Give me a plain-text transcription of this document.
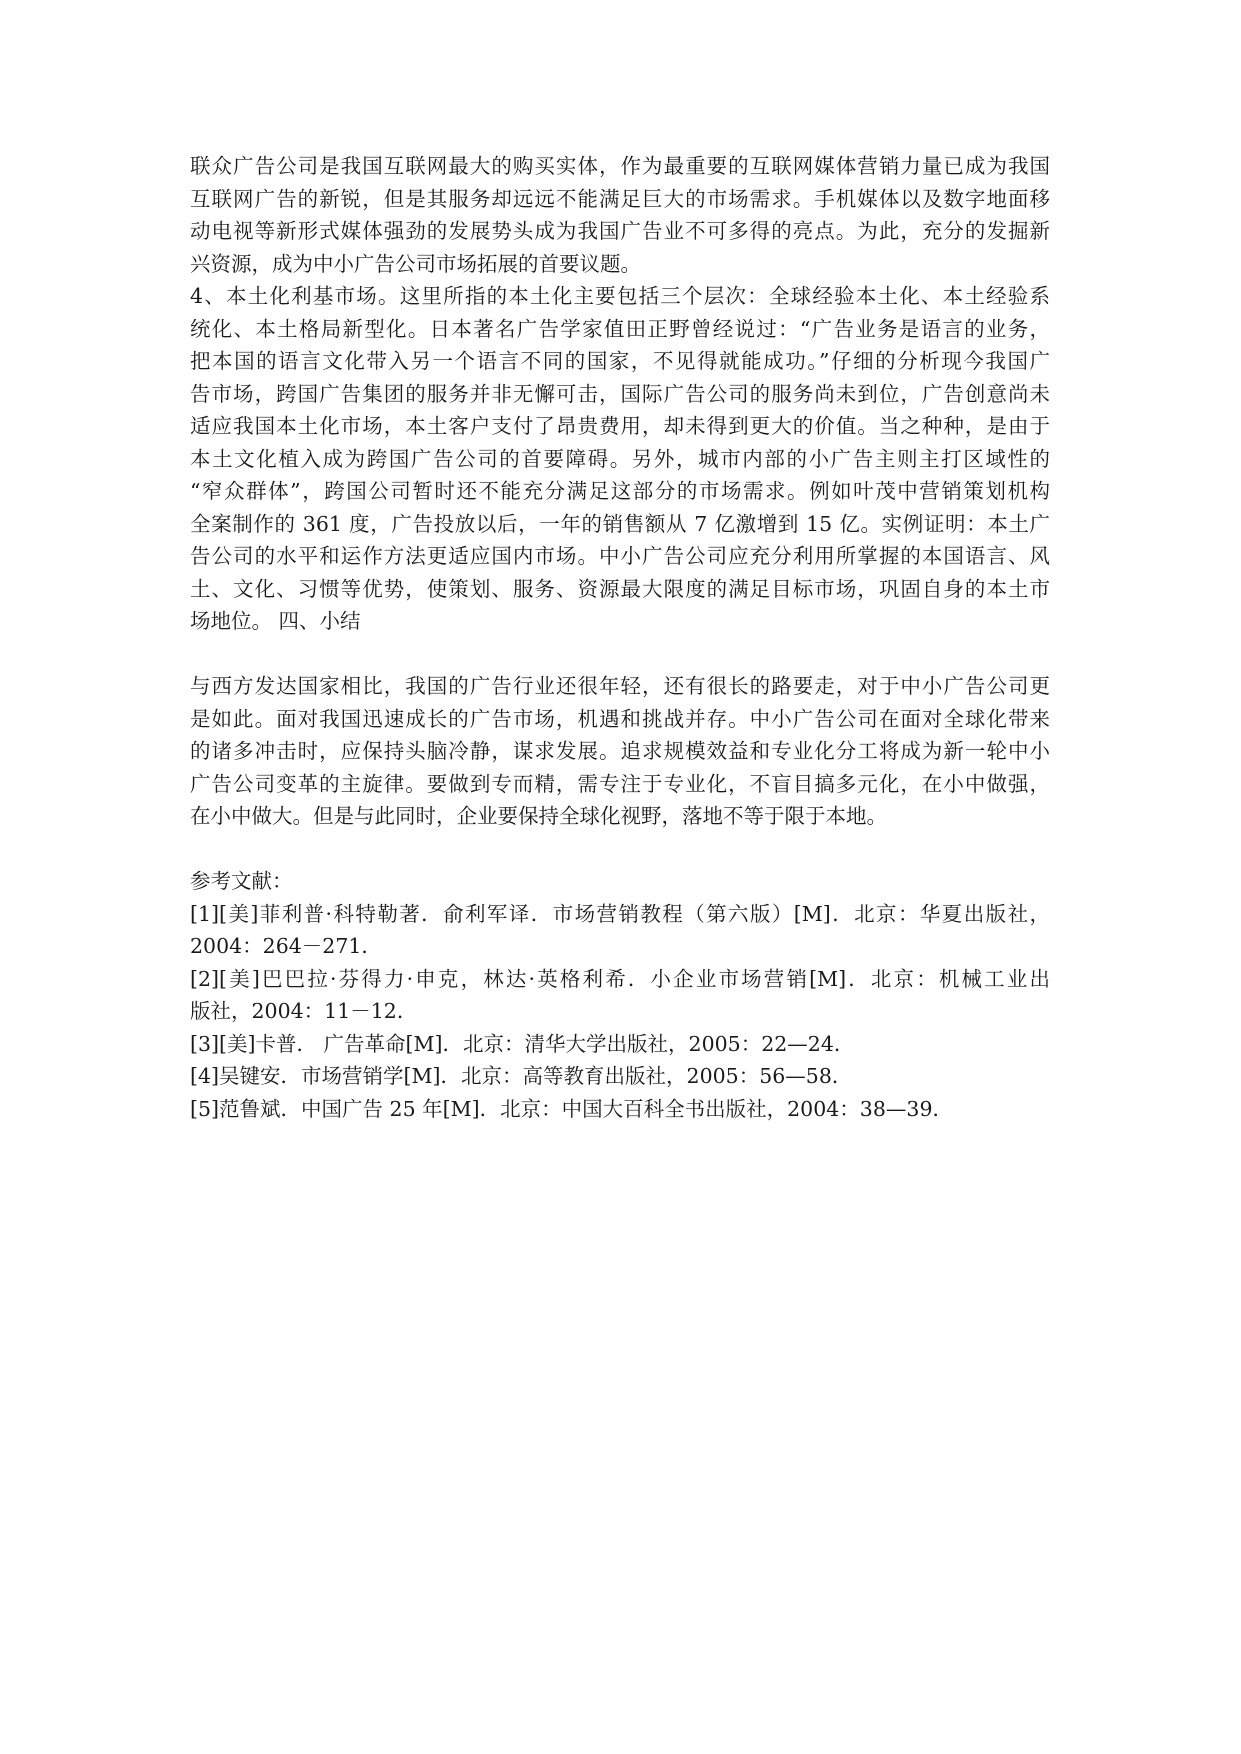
联众广告公司是我国互联网最大的购买实体，作为最重要的互联网媒体营销力量已成为我国
互联网广告的新锐，但是其服务却远远不能满足巨大的市场需求。手机媒体以及数字地面移
动电视等新形式媒体强劲的发展势头成为我国广告业不可多得的亮点。为此，充分的发掘新
兴资源，成为中小广告公司市场拓展的首要议题。
4、本土化利基市场。这里所指的本土化主要包括三个层次：全球经验本土化、本土经验系
统化、本土格局新型化。日本著名广告学家值田正野曾经说过：“广告业务是语言的业务，
把本国的语言文化带入另一个语言不同的国家，不见得就能成功。”仔细的分析现今我国广
告市场，跨国广告集团的服务并非无懈可击，国际广告公司的服务尚未到位，广告创意尚未
适应我国本土化市场，本土客户支付了昂贵费用，却未得到更大的价值。当之种种，是由于
本土文化植入成为跨国广告公司的首要障碍。另外，城市内部的小广告主则主打区域性的
“窄众群体”，跨国公司暂时还不能充分满足这部分的市场需求。例如叶茂中营销策划机构
全案制作的 361 度，广告投放以后，一年的销售额从 7 亿激增到 15 亿。实例证明：本土广
告公司的水平和运作方法更适应国内市场。中小广告公司应充分利用所掌握的本国语言、风
土、文化、习惯等优势，使策划、服务、资源最大限度的满足目标市场，巩固自身的本土市
场地位。 四、小结
与西方发达国家相比，我国的广告行业还很年轻，还有很长的路要走，对于中小广告公司更
是如此。面对我国迅速成长的广告市场，机遇和挑战并存。中小广告公司在面对全球化带来
的诸多冲击时，应保持头脑冷静，谋求发展。追求规模效益和专业化分工将成为新一轮中小
广告公司变革的主旋律。要做到专而精，需专注于专业化，不盲目搞多元化，在小中做强，
在小中做大。但是与此同时，企业要保持全球化视野，落地不等于限于本地。
参考文献：
[1][美]菲利普·科特勒著．俞利军译．市场营销教程（第六版）[M]．北京：华夏出版社，
2004：264－271．
[2][美]巴巴拉·芬得力·申克，林达·英格利希．小企业市场营销[M]．北京：机械工业出
版社，2004：11－12．
[3][美]卡普． 广告革命[M]．北京：清华大学出版社，2005：22—24．
[4]吴键安．市场营销学[M]．北京：高等教育出版社，2005：56—58．
[5]范鲁斌．中国广告 25 年[M]．北京：中国大百科全书出版社，2004：38—39．
